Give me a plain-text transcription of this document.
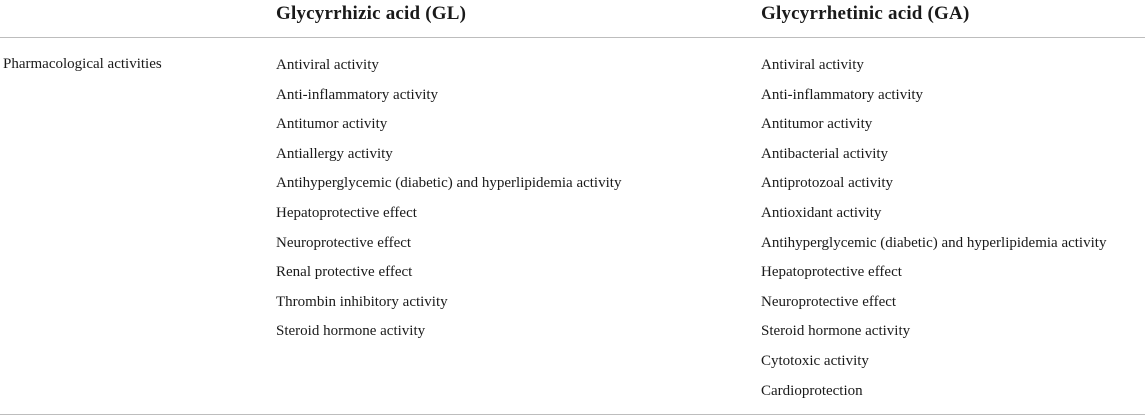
Glycyrrhizic acid (GL)	Glycyrrhetinic acid (GA)
Pharmacological activities	Antiviral activity
Anti-inflammatory activity
Antitumor activity
Antiallergy activity
Antihyperglycemic (diabetic) and hyperlipidemia activity
Hepatoprotective effect
Neuroprotective effect
Renal protective effect
Thrombin inhibitory activity
Steroid hormone activity
Antiviral activity
Anti-inflammatory activity
Antitumor activity
Antibacterial activity
Antiprotozoal activity
Antioxidant activity
Antihyperglycemic (diabetic) and hyperlipidemia activity
Hepatoprotective effect
Neuroprotective effect
Steroid hormone activity
Cytotoxic activity
Cardioprotection
